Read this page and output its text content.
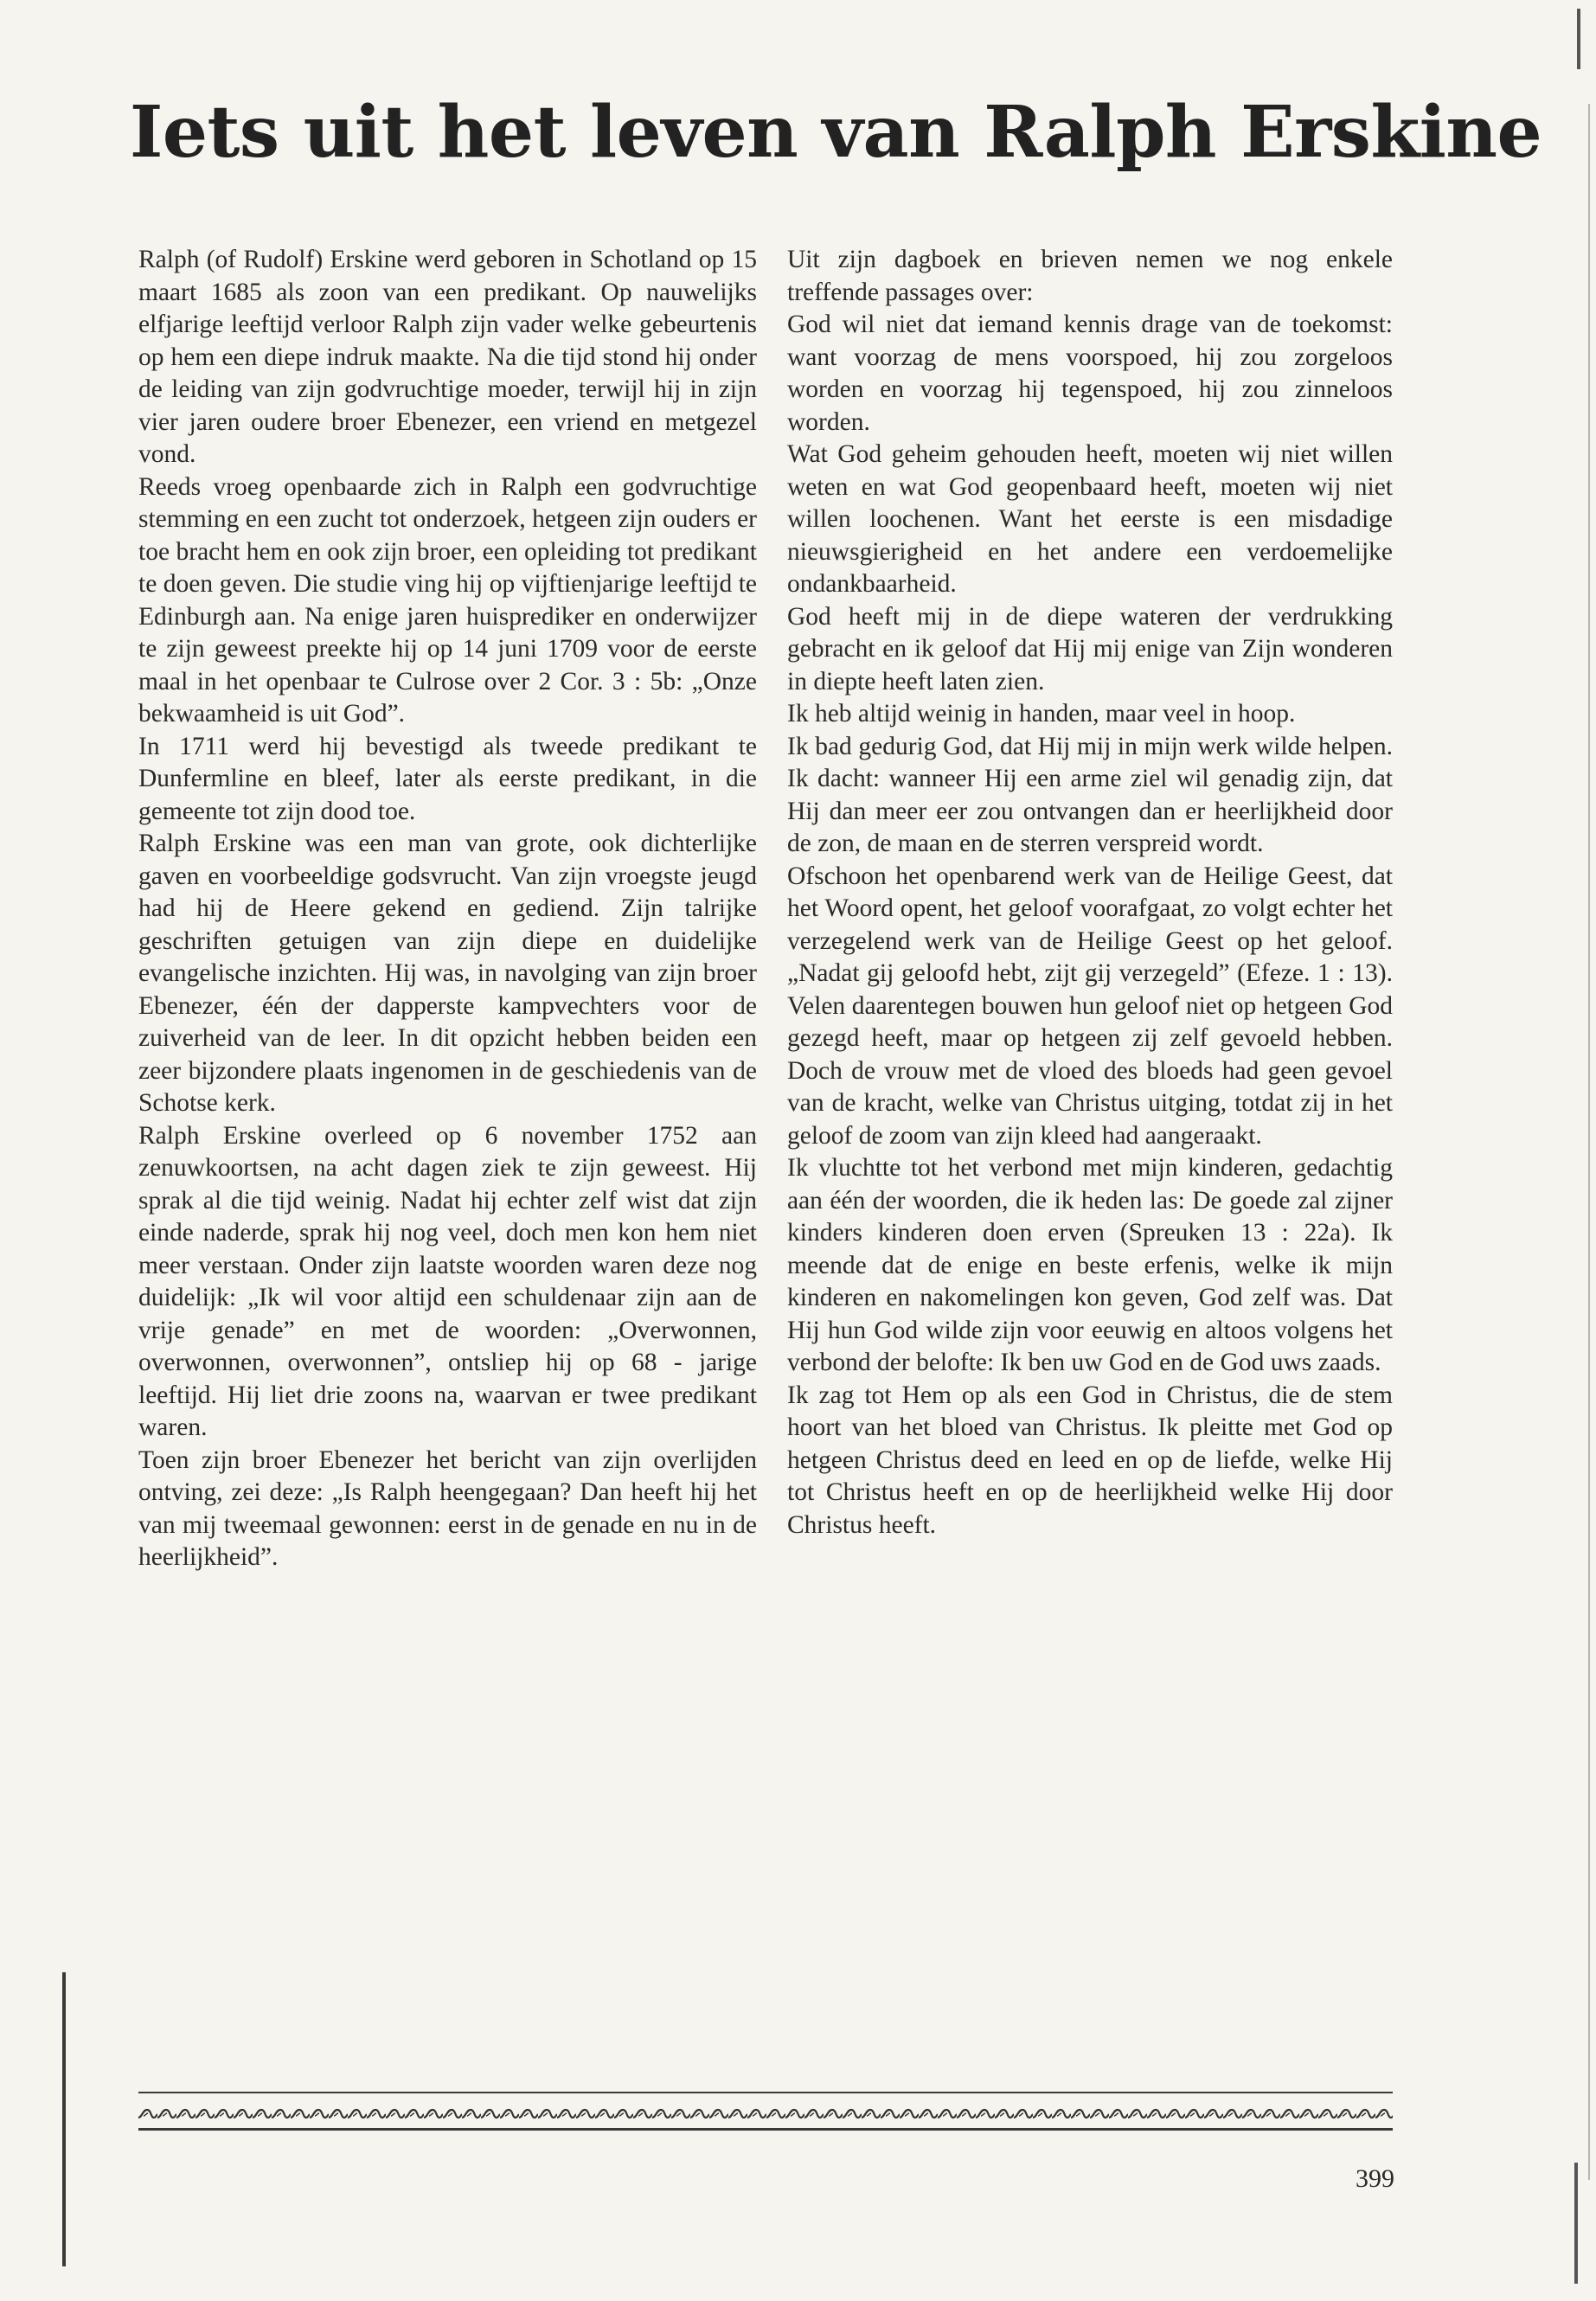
Iets uit het leven van Ralph Erskine

Ralph (of Rudolf) Erskine werd geboren in Schotland op 15 maart 1685 als zoon van een predikant. Op nauwelijks elfjarige leeftijd verloor Ralph zijn vader welke gebeurtenis op hem een diepe indruk maakte. Na die tijd stond hij onder de leiding van zijn godvruchtige moeder, terwijl hij in zijn vier jaren oudere broer Ebenezer, een vriend en metgezel vond.

Reeds vroeg openbaarde zich in Ralph een godvruchtige stemming en een zucht tot onderzoek, hetgeen zijn ouders er toe bracht hem en ook zijn broer, een opleiding tot predikant te doen geven. Die studie ving hij op vijftienjarige leeftijd te Edinburgh aan. Na enige jaren huisprediker en onderwijzer te zijn geweest preekte hij op 14 juni 1709 voor de eerste maal in het openbaar te Culrose over 2 Cor. 3 : 5b: „Onze bekwaamheid is uit God”.

In 1711 werd hij bevestigd als tweede predikant te Dunfermline en bleef, later als eerste predikant, in die gemeente tot zijn dood toe.

Ralph Erskine was een man van grote, ook dichterlijke gaven en voorbeeldige godsvrucht. Van zijn vroegste jeugd had hij de Heere gekend en gediend. Zijn talrijke geschriften getuigen van zijn diepe en duidelijke evangelische inzichten. Hij was, in navolging van zijn broer Ebenezer, één der dapperste kampvechters voor de zuiverheid van de leer. In dit opzicht hebben beiden een zeer bijzondere plaats ingenomen in de geschiedenis van de Schotse kerk.

Ralph Erskine overleed op 6 november 1752 aan zenuwkoortsen, na acht dagen ziek te zijn geweest. Hij sprak al die tijd weinig. Nadat hij echter zelf wist dat zijn einde naderde, sprak hij nog veel, doch men kon hem niet meer verstaan. Onder zijn laatste woorden waren deze nog duidelijk: „Ik wil voor altijd een schuldenaar zijn aan de vrije genade” en met de woorden: „Overwonnen, overwonnen, overwonnen”, ontsliep hij op 68 - jarige leeftijd. Hij liet drie zoons na, waarvan er twee predikant waren.

Toen zijn broer Ebenezer het bericht van zijn overlijden ontving, zei deze: „Is Ralph heengegaan? Dan heeft hij het van mij tweemaal gewonnen: eerst in de genade en nu in de heerlijkheid”.

Uit zijn dagboek en brieven nemen we nog enkele treffende passages over:

God wil niet dat iemand kennis drage van de toekomst: want voorzag de mens voorspoed, hij zou zorgeloos worden en voorzag hij tegenspoed, hij zou zinneloos worden.

Wat God geheim gehouden heeft, moeten wij niet willen weten en wat God geopenbaard heeft, moeten wij niet willen loochenen. Want het eerste is een misdadige nieuwsgierigheid en het andere een verdoemelijke ondankbaarheid.

God heeft mij in de diepe wateren der verdrukking gebracht en ik geloof dat Hij mij enige van Zijn wonderen in diepte heeft laten zien.

Ik heb altijd weinig in handen, maar veel in hoop.

Ik bad gedurig God, dat Hij mij in mijn werk wilde helpen. Ik dacht: wanneer Hij een arme ziel wil genadig zijn, dat Hij dan meer eer zou ontvangen dan er heerlijkheid door de zon, de maan en de sterren verspreid wordt.

Ofschoon het openbarend werk van de Heilige Geest, dat het Woord opent, het geloof voorafgaat, zo volgt echter het verzegelend werk van de Heilige Geest op het geloof. „Nadat gij geloofd hebt, zijt gij verzegeld” (Efeze. 1 : 13). Velen daarentegen bouwen hun geloof niet op hetgeen God gezegd heeft, maar op hetgeen zij zelf gevoeld hebben. Doch de vrouw met de vloed des bloeds had geen gevoel van de kracht, welke van Christus uitging, totdat zij in het geloof de zoom van zijn kleed had aangeraakt.

Ik vluchtte tot het verbond met mijn kinderen, gedachtig aan één der woorden, die ik heden las: De goede zal zijner kinders kinderen doen erven (Spreuken 13 : 22a). Ik meende dat de enige en beste erfenis, welke ik mijn kinderen en nakomelingen kon geven, God zelf was. Dat Hij hun God wilde zijn voor eeuwig en altoos volgens het verbond der belofte: Ik ben uw God en de God uws zaads.

Ik zag tot Hem op als een God in Christus, die de stem hoort van het bloed van Christus. Ik pleitte met God op hetgeen Christus deed en leed en op de liefde, welke Hij tot Christus heeft en op de heerlijkheid welke Hij door Christus heeft.

399
